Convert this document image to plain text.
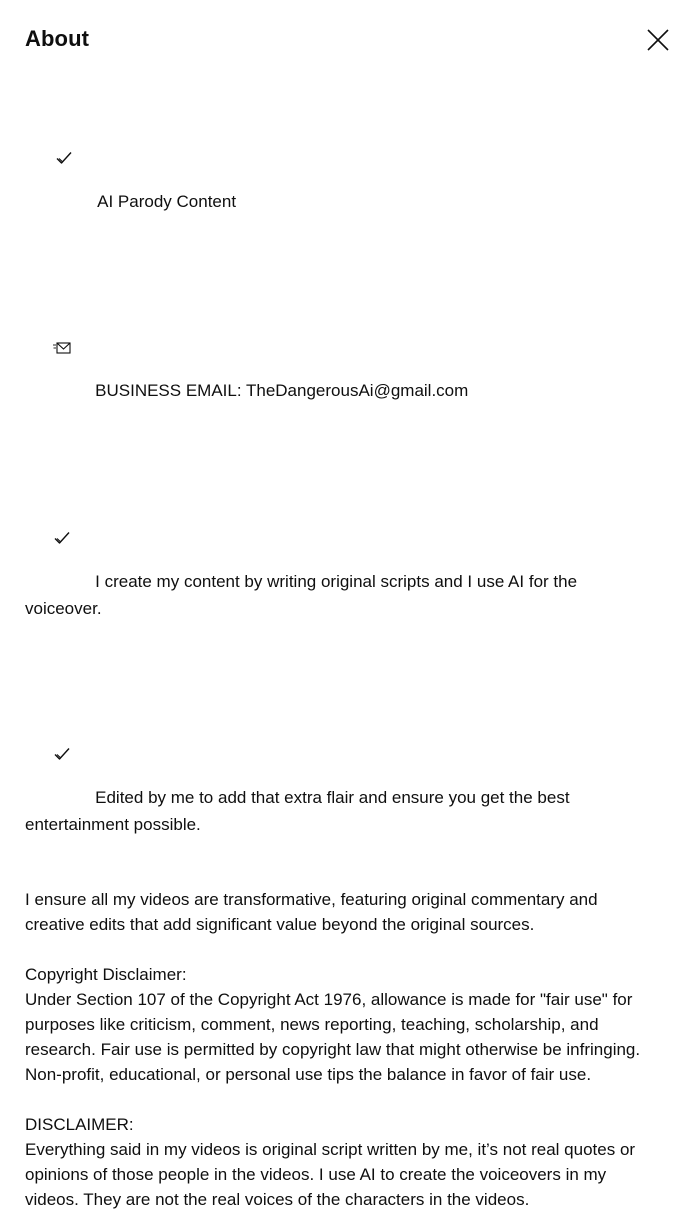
About

AI Parody Content

BUSINESS EMAIL: TheDangerousAi@gmail.com

I create my content by writing original scripts and I use AI for the voiceover.

Edited by me to add that extra flair and ensure you get the best entertainment possible.

I ensure all my videos are transformative, featuring original commentary and creative edits that add significant value beyond the original sources.

Copyright Disclaimer:
Under Section 107 of the Copyright Act 1976, allowance is made for "fair use" for purposes like criticism, comment, news reporting, teaching, scholarship, and research. Fair use is permitted by copyright law that might otherwise be infringing. Non-profit, educational, or personal use tips the balance in favor of fair use.

DISCLAIMER:
Everything said in my videos is original script written by me, it’s not real quotes or opinions of those people in the videos. I use AI to create the voiceovers in my videos. They are not the real voices of the characters in the videos.
